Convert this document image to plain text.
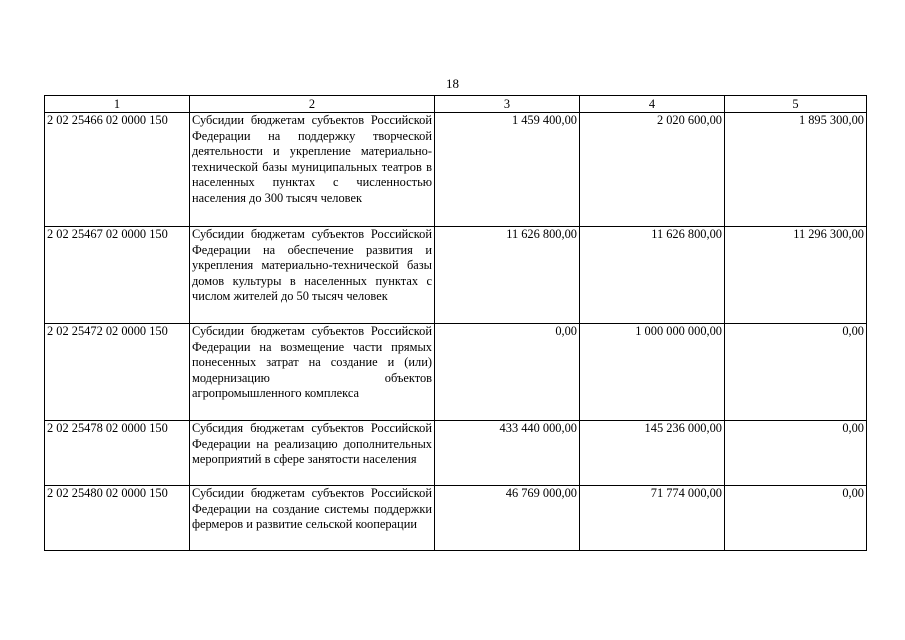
18
1	2	3	4	5
2 02 25466 02 0000 150	Субсидии бюджетам субъектов Российской Федерации на поддержку творческой деятельности и укрепление материально-технической базы муниципальных театров в населенных пунктах с численностью населения до 300 тысяч человек	1 459 400,00	2 020 600,00	1 895 300,00
2 02 25467 02 0000 150	Субсидии бюджетам субъектов Российской Федерации на обеспечение развития и укрепления материально-технической базы домов культуры в населенных пунктах с числом жителей до 50 тысяч человек	11 626 800,00	11 626 800,00	11 296 300,00
2 02 25472 02 0000 150	Субсидии бюджетам субъектов Российской Федерации на возмещение части прямых понесенных затрат на создание и (или) модернизацию объектов агропромышленного комплекса	0,00	1 000 000 000,00	0,00
2 02 25478 02 0000 150	Субсидия бюджетам субъектов Российской Федерации на реализацию дополнительных мероприятий в сфере занятости населения	433 440 000,00	145 236 000,00	0,00
2 02 25480 02 0000 150	Субсидии бюджетам субъектов Российской Федерации на создание системы поддержки фермеров и развитие сельской кооперации	46 769 000,00	71 774 000,00	0,00
